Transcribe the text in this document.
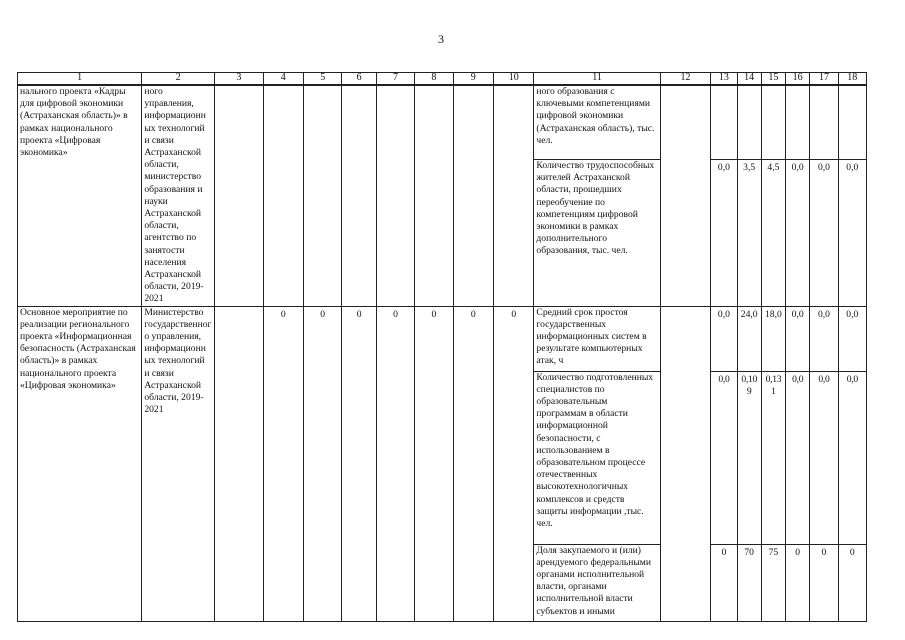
3
1	2	3	4	5	6	7	8	9	10	11	12	13	14	15	16	17	18
нального проекта «Кадры для цифровой экономики (Астраханская область)» в рамках национального проекта «Цифровая экономика»	ного управления, информационных технологий и связи Астраханской области, министерство образования и науки Астраханской области, агентство по занятости населения Астраханской области, 2019-2021									ного образования с ключевыми компетенциями цифровой экономики (Астраханская область), тыс. чел.							
										Количество трудоспособных жителей Астраханской области, прошедших переобучение по компетенциям цифровой экономики в рамках дополнительного образования, тыс. чел.		0,0	3,5	4,5	0,0	0,0	0,0
Основное мероприятие по реализации регионального проекта «Информационная безопасность (Астраханская область)» в рамках национального проекта «Цифровая экономика»	Министерство государственного управления, информационных технологий и связи Астраханской области, 2019-2021		0	0	0	0	0	0	0	Средний срок простоя государственных информационных систем в результате компьютерных атак, ч		0,0	24,0	18,0	0,0	0,0	0,0
										Количество подготовленных специалистов по образовательным программам в области информационной безопасности, с использованием в образовательном процессе отечественных высокотехнологичных комплексов и средств защиты информации ,тыс. чел.		0,0	0,109	0,131	0,0	0,0	0,0
										Доля закупаемого и (или) арендуемого федеральными органами исполнительной власти, органами исполнительной власти субъектов и иными		0	70	75	0	0	0
